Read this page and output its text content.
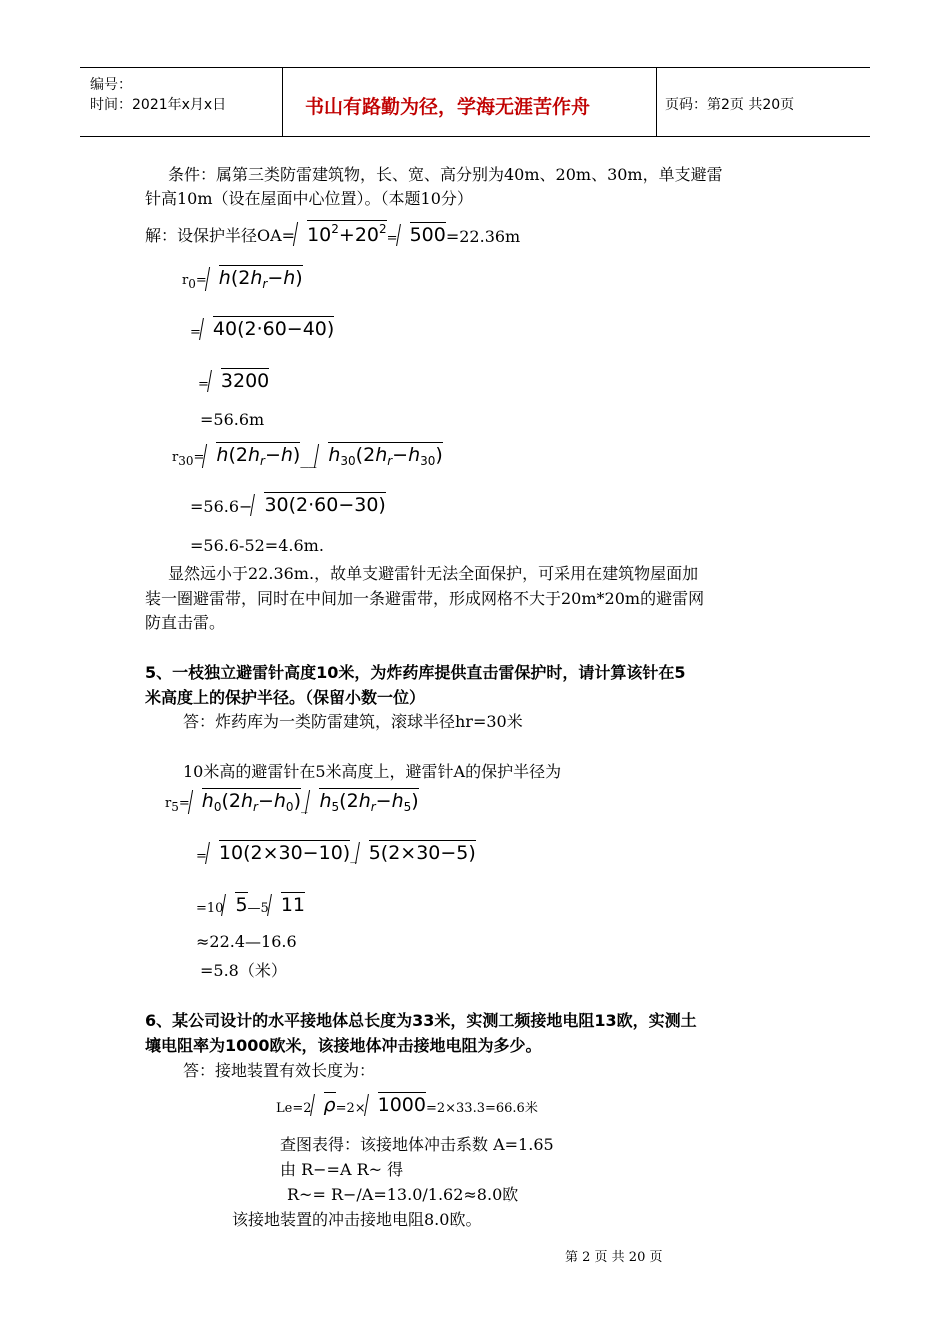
编号：
时间：2021年x月x日	书山有路勤为径，学海无涯苦作舟	页码：第2页 共20页
条件：属第三类防雷建筑物，长、宽、高分别为40m、20m、30m，单支避雷
针高10m（设在屋面中心位置）。（本题10分）
解：设保护半径$OA= 10^2+20^2$
= 500 =22.36m
$r0= h(2h_r-h)$
= 40(2·60−40)
= 3200
=56.6m
$r30= h(2h_r-h)$ __ $h_{30}(2h_r-h_{30})$
=56.6− 30(2·60−30)
=56.6-52=4.6m.
显然远小于22.36m.，故单支避雷针无法全面保护，可采用在建筑物屋面加
装一圈避雷带，同时在中间加一条避雷带，形成网格不大于20m*20m的避雷网
防直击雷。
5、一枝独立避雷针高度10米，为炸药库提供直击雷保护时，请计算该针在5
米高度上的保护半径。（保留小数一位）
答：炸药库为一类防雷建筑，滚球半径hr=30米
10米高的避雷针在5米高度上，避雷针A的保护半径为
$r5= h_0(2h_r-h_0)$ _ $h_5(2h_r-h_5)$
= 10(2×30−10) _ 5(2×30−5)
=10 5 —5 11
≈22.4—16.6
=5.8（米）
6、某公司设计的水平接地体总长度为33米，实测工频接地电阻13欧，实测土
壤电阻率为1000欧米，该接地体冲击接地电阻为多少。
答：接地装置有效长度为：
Le=2 ρ =2× 1000 =2×33.3=66.6米
查图表得：该接地体冲击系数 A=1.65
由 R−=A R~ 得
R~= R−/A=13.0/1.62≈8.0欧
该接地装置的冲击接地电阻8.0欧。
第 2 页 共 20 页
